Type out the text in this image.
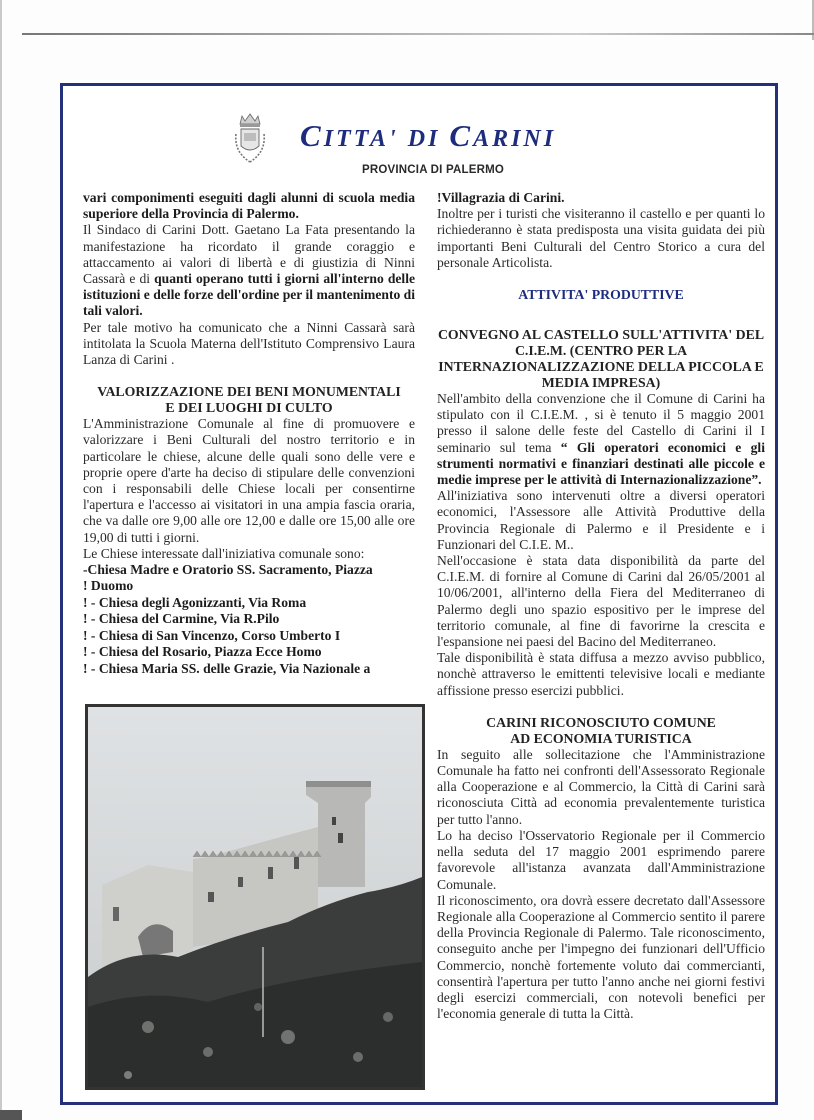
CITTA' DI CARINI
PROVINCIA DI PALERMO

vari componimenti eseguiti dagli alunni di scuola media superiore della Provincia di Palermo.

Il Sindaco di Carini Dott. Gaetano La Fata presentando la manifestazione ha ricordato il grande coraggio e attaccamento ai valori di libertà e di giustizia di Ninni Cassarà e di quanti operano tutti i giorni all'interno delle istituzioni e delle forze dell'ordine per il mantenimento di tali valori.

Per tale motivo ha comunicato che a Ninni Cassarà sarà intitolata la Scuola Materna dell'Istituto Comprensivo Laura Lanza di Carini .

VALORIZZAZIONE DEI BENI MONUMENTALI

E DEI LUOGHI DI CULTO

L'Amministrazione Comunale al fine di promuovere e valorizzare i Beni Culturali del nostro territorio e in particolare le chiese, alcune delle quali sono delle vere e proprie opere d'arte ha deciso di stipulare delle convenzioni con i responsabili delle Chiese locali per consentirne l'apertura e l'accesso ai visitatori in una ampia fascia oraria, che va dalle ore 9,00 alle ore 12,00 e dalle ore 15,00 alle ore 19,00 di tutti i giorni.

Le Chiese interessate dall'iniziativa comunale sono:

-Chiesa Madre e Oratorio SS. Sacramento, Piazza
! Duomo
! - Chiesa degli Agonizzanti, Via Roma
! - Chiesa del Carmine, Via R.Pilo
! - Chiesa di San Vincenzo, Corso Umberto I
! - Chiesa del Rosario, Piazza Ecce Homo
! - Chiesa Maria SS. delle Grazie, Via Nazionale a

!Villagrazia di Carini.

Inoltre per i turisti che visiteranno il castello e per quanti lo richiederanno è stata predisposta una visita guidata dei più importanti Beni Culturali del Centro Storico a cura del personale Articolista.

ATTIVITA' PRODUTTIVE

CONVEGNO AL CASTELLO SULL'ATTIVITA' DEL C.I.E.M. (CENTRO PER LA INTERNAZIONALIZZAZIONE DELLA PICCOLA E MEDIA IMPRESA)

Nell'ambito della convenzione che il Comune di Carini ha stipulato con il C.I.E.M. , si è tenuto il 5 maggio 2001 presso il salone delle feste del Castello di Carini il I seminario sul tema “ Gli operatori economici e gli strumenti normativi e finanziari destinati alle piccole e medie imprese per le attività di Internazionalizzazione”.

All'iniziativa sono intervenuti oltre a diversi operatori economici, l'Assessore alle Attività Produttive della Provincia Regionale di Palermo e il Presidente e i Funzionari del C.I.E. M..

Nell'occasione è stata data disponibilità da parte del C.I.E.M. di fornire al Comune di Carini dal 26/05/2001 al 10/06/2001, all'interno della Fiera del Mediterraneo di Palermo degli uno spazio espositivo per le imprese del territorio comunale, al fine di favorirne la crescita e l'espansione nei paesi del Bacino del Mediterraneo.

Tale disponibilità è stata diffusa a mezzo avviso pubblico, nonchè attraverso le emittenti televisive locali e mediante affissione presso esercizi pubblici.

CARINI RICONOSCIUTO COMUNE

AD ECONOMIA TURISTICA

In seguito alle sollecitazione che l'Amministrazione Comunale ha fatto nei confronti dell'Assessorato Regionale alla Cooperazione e al Commercio, la Città di Carini sarà riconosciuta Città ad economia prevalentemente turistica per tutto l'anno.

Lo ha deciso l'Osservatorio Regionale per il Commercio nella seduta del 17 maggio 2001 esprimendo parere favorevole all'istanza avanzata dall'Amministrazione Comunale.

Il riconoscimento, ora dovrà essere decretato dall'Assessore Regionale alla Cooperazione al Commercio sentito il parere della Provincia Regionale di Palermo. Tale riconoscimento, conseguito anche per l'impegno dei funzionari dell'Ufficio Commercio, nonchè fortemente voluto dai commercianti, consentirà l'apertura per tutto l'anno anche nei giorni festivi degli esercizi commerciali, con notevoli benefici per l'economia generale di tutta la Città.
